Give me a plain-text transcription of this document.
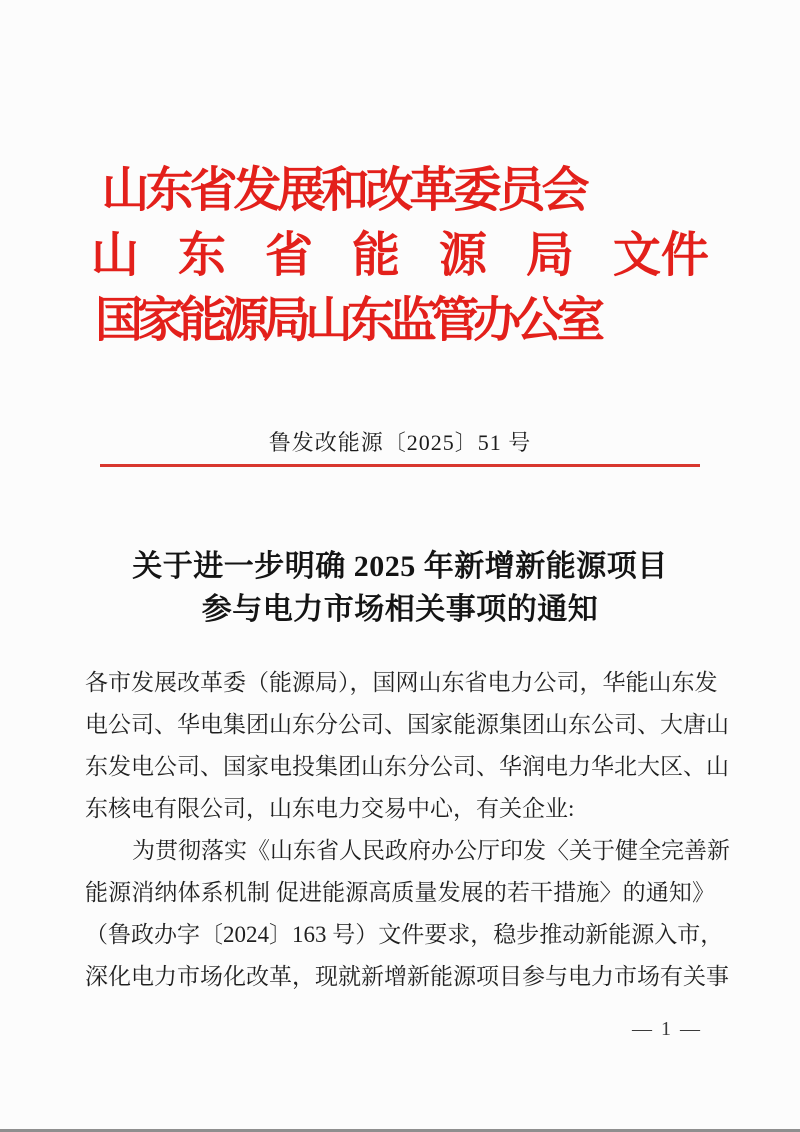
山东省发展和改革委员会
山 东 省 能 源 局 文件
国家能源局山东监管办公室
鲁发改能源〔2025〕51 号
关于进一步明确 2025 年新增新能源项目
参与电力市场相关事项的通知
各市发展改革委（能源局），国网山东省电力公司，华能山东发
电公司、华电集团山东分公司、国家能源集团山东公司、大唐山
东发电公司、国家电投集团山东分公司、华润电力华北大区、山
东核电有限公司，山东电力交易中心，有关企业:
为贯彻落实《山东省人民政府办公厅印发〈关于健全完善新
能源消纳体系机制 促进能源高质量发展的若干措施〉的通知》
（鲁政办字〔2024〕163 号）文件要求，稳步推动新能源入市，
深化电力市场化改革，现就新增新能源项目参与电力市场有关事
— 1 —
